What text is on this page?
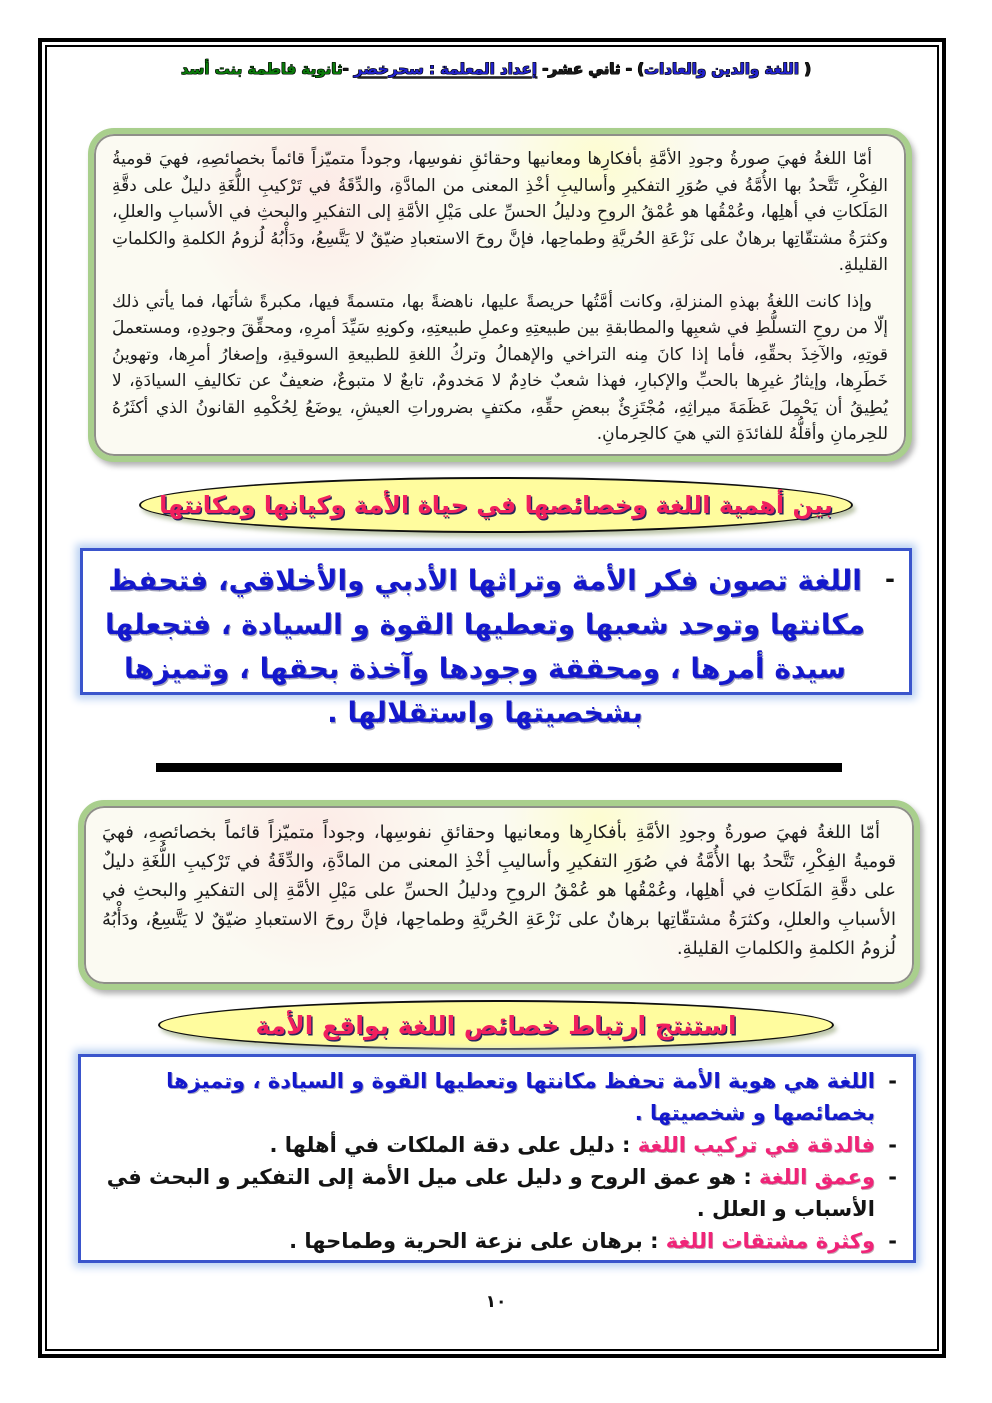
( اللغة والدين والعادات) - ثاني عشر- إعداد المعلمة : سحرخضر -ثانوية فاطمة بنت أسد

أمّا اللغةُ فهيَ صورةُ وجودِ الأمَّةِ بأفكارِها ومعانيها وحقائقِ نفوسِها، وجوداً متميّزاً قائماً بخصائصِهِ، فهيَ قوميةُ الفِكْرِ، تَتَّحدُ بها الأُمَّةُ في صُوَرِ التفكيرِ وأساليبِ أخْذِ المعنى من المادَّةِ، والدِّقَةُ في تَرْكيبِ اللُّغَةِ دليلٌ على دقَّةِ المَلَكاتِ في أهلِها، وعُمْقُها هو عُمْقُ الروحِ ودليلُ الحسِّ على مَيْلِ الأمَّةِ إلى التفكيرِ والبحثِ في الأسبابِ والعللِ، وكثرَةُ مشتقّاتِها برهانٌ على نَزْعَةِ الحُريَّةِ وطماحِها، فإنَّ روحَ الاستعبادِ ضيّقٌ لا يَتَّسِعُ، ودَأْبُهُ لُزومُ الكلمةِ والكلماتِ القليلةِ.

وإذا كانت اللغةُ بهذهِ المنزلةِ، وكانت أمَّتُها حريصةً عليها، ناهضةً بها، متسمةً فيها، مكبرةً شأنَها، فما يأتي ذلك إلّا من روحِ التسلُّطِ في شعبِها والمطابقةِ بين طبيعتِهِ وعملِ طبيعتِهِ، وكونِهِ سَيِّدَ أمرِهِ، ومحقِّقَ وجودِهِ، ومستعملَ قوتِهِ، والآخِذَ بحقِّهِ، فأما إذا كانَ مِنه التراخي والإهمالُ وتركُ اللغةِ للطبيعةِ السوقيةِ، وإصغارُ أمرِها، وتهوينُ خَطَرِها، وإيثارُ غيرِها بالحبِّ والإكبارِ، فهذا شعبٌ خادِمٌ لا مَخدومٌ، تابعٌ لا متبوعٌ، ضعيفٌ عن تكاليفِ السيادَةِ، لا يُطِيقُ أن يَحْمِلَ عَظَمَةَ ميراثِهِ، مُجْتَزِئٌ ببعضِ حقِّهِ، مكتفٍ بضروراتِ العيشِ، يوضَعُ لِحُكْمِهِ القانونُ الذي أكثَرُهُ للحِرمانِ وأقلُّهُ للفائدَةِ التي هيَ كالحِرمانِ.

بين أهمية اللغة وخصائصها في حياة الأمة وكيانها ومكانتها
-

اللغة تصون فكر الأمة وتراثها الأدبي والأخلاقي، فتحفظ مكانتها وتوحد شعبها وتعطيها القوة و السيادة ، فتجعلها سيدة أمرها ، ومحققة وجودها وآخذة بحقها ، وتميزها بشخصيتها واستقلالها .

أمّا اللغةُ فهيَ صورةُ وجودِ الأمَّةِ بأفكارِها ومعانيها وحقائقِ نفوسِها، وجوداً متميّزاً قائماً بخصائصِهِ، فهيَ قوميةُ الفِكْرِ، تَتَّحدُ بها الأُمَّةُ في صُوَرِ التفكيرِ وأساليبِ أخْذِ المعنى من المادَّةِ، والدِّقَةُ في تَرْكيبِ اللُّغَةِ دليلٌ على دقَّةِ المَلَكاتِ في أهلِها، وعُمْقُها هو عُمْقُ الروحِ ودليلُ الحسِّ على مَيْلِ الأمَّةِ إلى التفكيرِ والبحثِ في الأسبابِ والعللِ، وكثرَةُ مشتقّاتِها برهانٌ على نَزْعَةِ الحُريَّةِ وطماحِها، فإنَّ روحَ الاستعبادِ ضيّقٌ لا يَتَّسِعُ، ودَأْبُهُ لُزومُ الكلمةِ والكلماتِ القليلةِ.

استنتج ارتباط خصائص اللغة بواقع الأمة
-
اللغة هي هوية الأمة تحفظ مكانتها وتعطيها القوة و السيادة ، وتميزها بخصائصها و شخصيتها .
-
فالدقة في تركيب اللغة : دليل على دقة الملكات في أهلها .
-
وعمق اللغة : هو عمق الروح و دليل على ميل الأمة إلى التفكير و البحث في الأسباب و العلل .
-
وكثرة مشتقات اللغة : برهان على نزعة الحرية وطماحها .
١٠
